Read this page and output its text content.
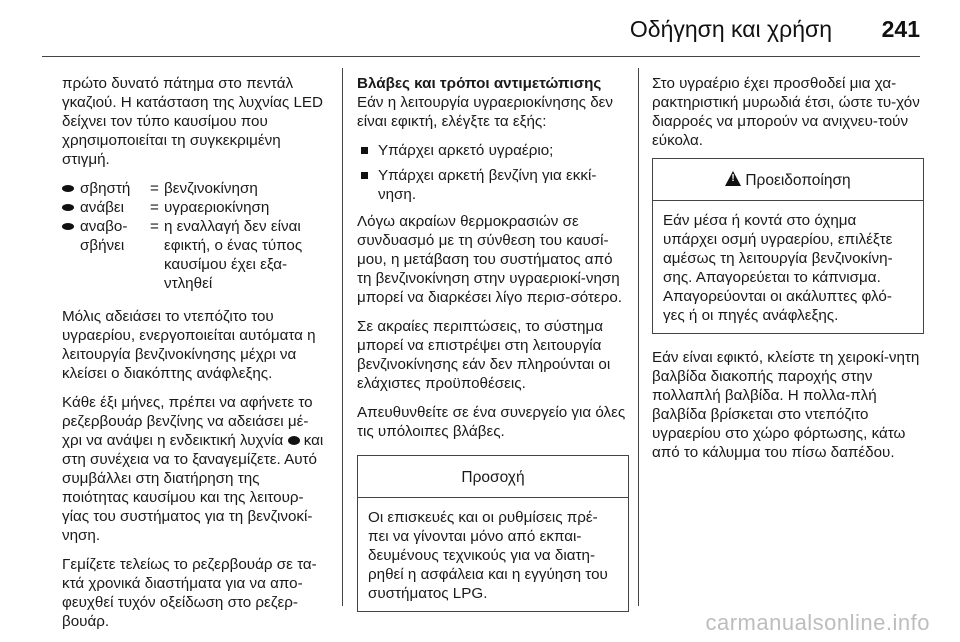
Οδήγηση και χρήση 241

πρώτο δυνατό πάτημα στο πεντάλ γκαζιού. Η κατάσταση της λυχνίας LED δείχνει τον τύπο καυσίμου που χρησιμοποιείται τη συγκεκριμένη στιγμή.

σβηστή = βενζινοκίνηση
ανάβει = υγραεριοκίνηση
αναβο-σβήνει
= η εναλλαγή δεν είναι εφικτή, ο ένας τύπος καυσίμου έχει εξα-ντληθεί

Μόλις αδειάσει το ντεπόζιτο του υγραερίου, ενεργοποιείται αυτόματα η λειτουργία βενζινοκίνησης μέχρι να κλείσει ο διακόπτης ανάφλεξης.

Κάθε έξι μήνες, πρέπει να αφήνετε το ρεζερβουάρ βενζίνης να αδειάσει μέ-χρι να ανάψει η ενδεικτική λυχνία και στη συνέχεια να το ξαναγεμίζετε. Αυτό συμβάλλει στη διατήρηση της ποιότητας καυσίμου και της λειτουρ-γίας του συστήματος για τη βενζινοκί-νηση.

Γεμίζετε τελείως το ρεζερβουάρ σε τα-κτά χρονικά διαστήματα για να απο-φευχθεί τυχόν οξείδωση στο ρεζερ-βουάρ.

Βλάβες και τρόποι αντιμετώπισης

Εάν η λειτουργία υγραεριοκίνησης δεν είναι εφικτή, ελέγξτε τα εξής:

Υπάρχει αρκετό υγραέριο;
Υπάρχει αρκετή βενζίνη για εκκί-νηση.

Λόγω ακραίων θερμοκρασιών σε συνδυασμό με τη σύνθεση του καυσί-μου, η μετάβαση του συστήματος από τη βενζινοκίνηση στην υγραεριοκί-νηση μπορεί να διαρκέσει λίγο περισ-σότερο.

Σε ακραίες περιπτώσεις, το σύστημα μπορεί να επιστρέψει στη λειτουργία βενζινοκίνησης εάν δεν πληρούνται οι ελάχιστες προϋποθέσεις.

Απευθυνθείτε σε ένα συνεργείο για όλες τις υπόλοιπες βλάβες.

Προσοχή
Οι επισκευές και οι ρυθμίσεις πρέ-πει να γίνονται μόνο από εκπαι-δευμένους τεχνικούς για να διατη-ρηθεί η ασφάλεια και η εγγύηση του συστήματος LPG.

Στο υγραέριο έχει προσθοδεί μια χα-ρακτηριστική μυρωδιά έτσι, ώστε τυ-χόν διαρροές να μπορούν να ανιχνευ-τούν εύκολα.

! Προειδοποίηση
Εάν μέσα ή κοντά στο όχημα υπάρχει οσμή υγραερίου, επιλέξτε αμέσως τη λειτουργία βενζινοκίνη-σης. Απαγορεύεται το κάπνισμα. Απαγορεύονται οι ακάλυπτες φλό-γες ή οι πηγές ανάφλεξης.

Εάν είναι εφικτό, κλείστε τη χειροκί-νητη βαλβίδα διακοπής παροχής στην πολλαπλή βαλβίδα. Η πολλα-πλή βαλβίδα βρίσκεται στο ντεπόζιτο υγραερίου στο χώρο φόρτωσης, κάτω από το κάλυμμα του πίσω δαπέδου.

carmanualsonline.info
